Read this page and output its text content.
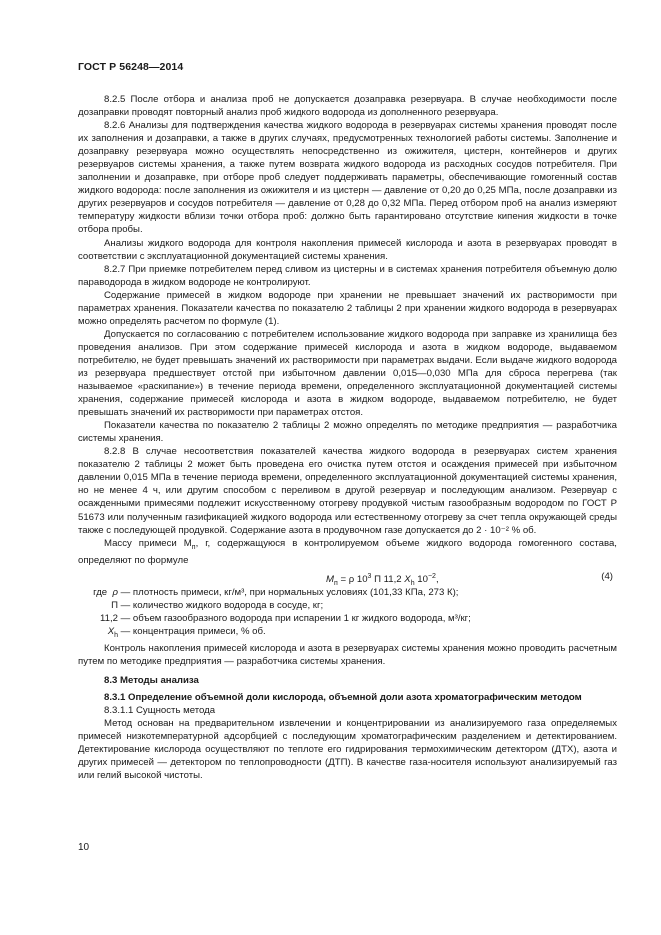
ГОСТ Р 56248—2014

8.2.5 После отбора и анализа проб не допускается дозаправка резервуара. В случае необходимости после дозаправки проводят повторный анализ проб жидкого водорода из дополненного резервуара.

8.2.6 Анализы для подтверждения качества жидкого водорода в резервуарах системы хранения проводят после их заполнения и дозаправки, а также в других случаях, предусмотренных технологией работы системы. Заполнение и дозаправку резервуара можно осуществлять непосредственно из ожижителя, цистерн, контейнеров и других резервуаров системы хранения, а также путем возврата жидкого водорода из расходных сосудов потребителя. При заполнении и дозаправке, при отборе проб следует поддерживать параметры, обеспечивающие гомогенный состав жидкого водорода: после заполнения из ожижителя и из цистерн — давление от 0,20 до 0,25 МПа, после дозаправки из других резервуаров и сосудов потребителя — давление от 0,28 до 0,32 МПа. Перед отбором проб на анализ измеряют температуру жидкости вблизи точки отбора проб: должно быть гарантировано отсутствие кипения жидкости в точке отбора пробы.

Анализы жидкого водорода для контроля накопления примесей кислорода и азота в резервуарах проводят в соответствии с эксплуатационной документацией системы хранения.

8.2.7 При приемке потребителем перед сливом из цистерны и в системах хранения потребителя объемную долю параводорода в жидком водороде не контролируют.

Содержание примесей в жидком водороде при хранении не превышает значений их растворимости при параметрах хранения. Показатели качества по показателю 2 таблицы 2 при хранении жидкого водорода в резервуарах можно определять расчетом по формуле (1).

Допускается по согласованию с потребителем использование жидкого водорода при заправке из хранилища без проведения анализов. При этом содержание примесей кислорода и азота в жидком водороде, выдаваемом потребителю, не будет превышать значений их растворимости при параметрах выдачи. Если выдаче жидкого водорода из резервуара предшествует отстой при избыточном давлении 0,015—0,030 МПа для сброса перегрева (так называемое «раскипание») в течение периода времени, определенного эксплуатационной документацией системы хранения, содержание примесей кислорода и азота в жидком водороде, выдаваемом потребителю, не будет превышать значений их растворимости при параметрах отстоя.

Показатели качества по показателю 2 таблицы 2 можно определять по методике предприятия — разработчика системы хранения.

8.2.8 В случае несоответствия показателей качества жидкого водорода в резервуарах систем хранения показателю 2 таблицы 2 может быть проведена его очистка путем отстоя и осаждения примесей при избыточном давлении 0,015 МПа в течение периода времени, определенного эксплуатационной документацией системы хранения, но не менее 4 ч, или другим способом с переливом в другой резервуар и последующим анализом. Резервуар с осажденными примесями подлежит искусственному отогреву продувкой чистым газообразным водородом по ГОСТ Р 51673 или полученным газификацией жидкого водорода или естественному отогреву за счет тепла окружающей среды также с последующей продувкой. Содержание азота в продувочном газе допускается до 2 · 10⁻² % об.

Массу примеси $М_п$, г, содержащуюся в контролируемом объеме жидкого водорода гомогенного состава, определяют по формуле

$M_п = \rho$ $10^3$ П 11,2 $X_h$ $10^{-2}$,	(4)
где ρ — плотность примеси, кг/м³, при нормальных условиях (101,33 КПа, 273 К);
П — количество жидкого водорода в сосуде, кг;
11,2 — объем газообразного водорода при испарении 1 кг жидкого водорода, м³/кг;
$X_h$ — концентрация примеси, % об.

Контроль накопления примесей кислорода и азота в резервуарах системы хранения можно проводить расчетным путем по методике предприятия — разработчика системы хранения.

8.3 Методы анализа

8.3.1 Определение объемной доли кислорода, объемной доли азота хроматографическим методом

8.3.1.1 Сущность метода

Метод основан на предварительном извлечении и концентрировании из анализируемого газа определяемых примесей низкотемпературной адсорбцией с последующим хроматографическим разделением и детектированием. Детектирование кислорода осуществляют по теплоте его гидрирования термохимическим детектором (ДТХ), азота и других примесей — детектором по теплопроводности (ДТП). В качестве газа-носителя используют анализируемый газ или гелий высокой чистоты.

10
